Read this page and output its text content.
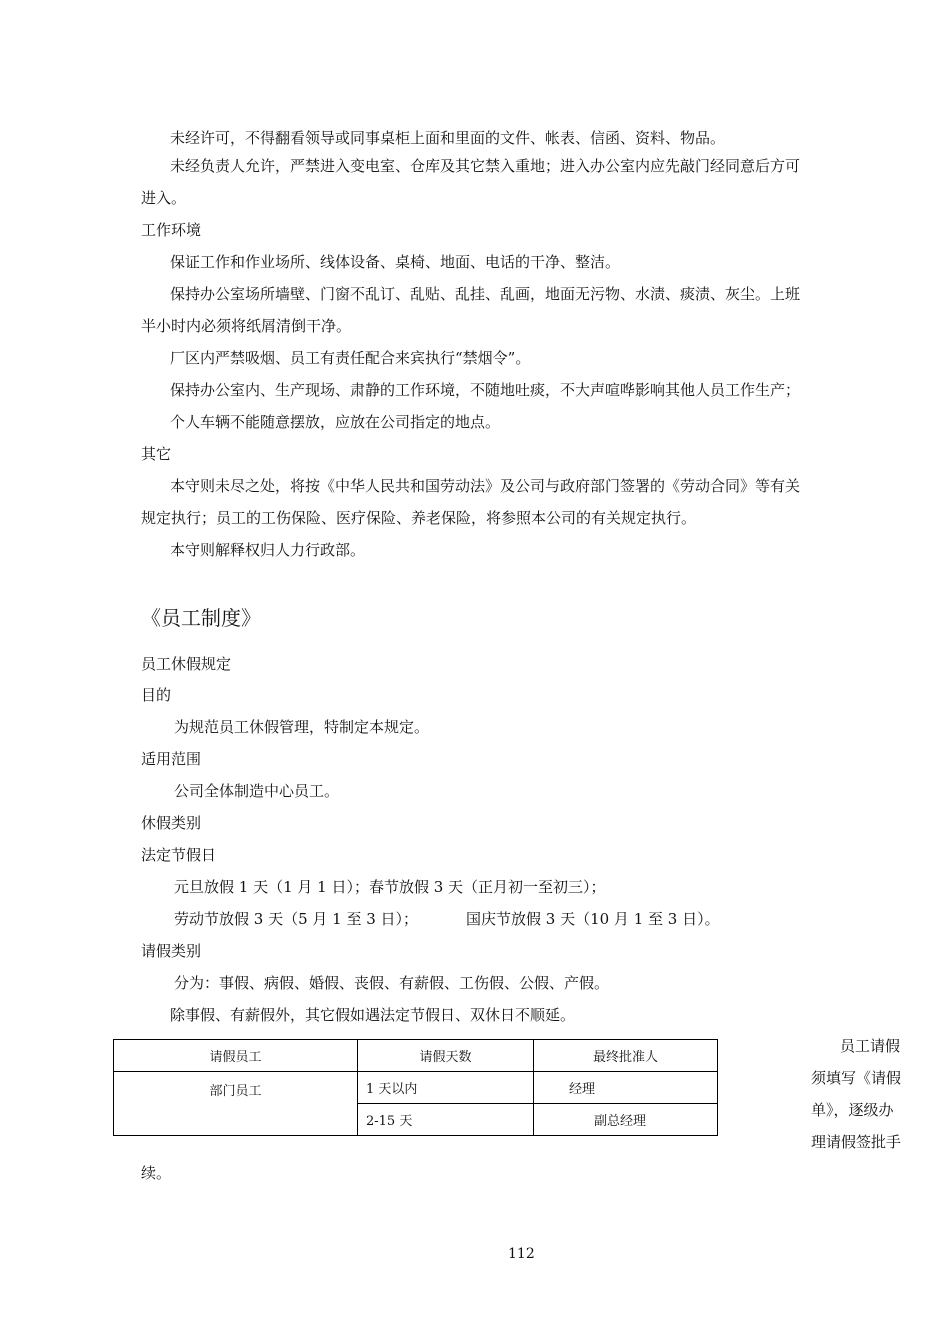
未经许可，不得翻看领导或同事桌柜上面和里面的文件、帐表、信函、资料、物品。
未经负责人允许，严禁进入变电室、仓库及其它禁入重地；进入办公室内应先敲门经同意后方可
进入。
工作环境
保证工作和作业场所、线体设备、桌椅、地面、电话的干净、整洁。
保持办公室场所墙壁、门窗不乱订、乱贴、乱挂、乱画，地面无污物、水渍、痰渍、灰尘。上班
半小时内必须将纸屑清倒干净。
厂区内严禁吸烟、员工有责任配合来宾执行“禁烟令”。
保持办公室内、生产现场、肃静的工作环境，不随地吐痰，不大声喧哗影响其他人员工作生产；
个人车辆不能随意摆放，应放在公司指定的地点。
其它
本守则未尽之处，将按《中华人民共和国劳动法》及公司与政府部门签署的《劳动合同》等有关
规定执行；员工的工伤保险、医疗保险、养老保险，将参照本公司的有关规定执行。
本守则解释权归人力行政部。
《员工制度》
员工休假规定
目的
为规范员工休假管理，特制定本规定。
适用范围
公司全体制造中心员工。
休假类别
法定节假日
元旦放假 1 天（1 月 1 日）；春节放假 3 天（正月初一至初三）；
劳动节放假 3 天（5 月 1 至 3 日）；	国庆节放假 3 天（10 月 1 至 3 日）。
请假类别
分为：事假、病假、婚假、丧假、有薪假、工伤假、公假、产假。
除事假、有薪假外，其它假如遇法定节假日、双休日不顺延。
请假员工	请假天数	最终批准人
部门员工	1 天以内	经理
	2-15 天	副总经理
员工请假
须填写《请假
单》，逐级办
理请假签批手
续。
112
